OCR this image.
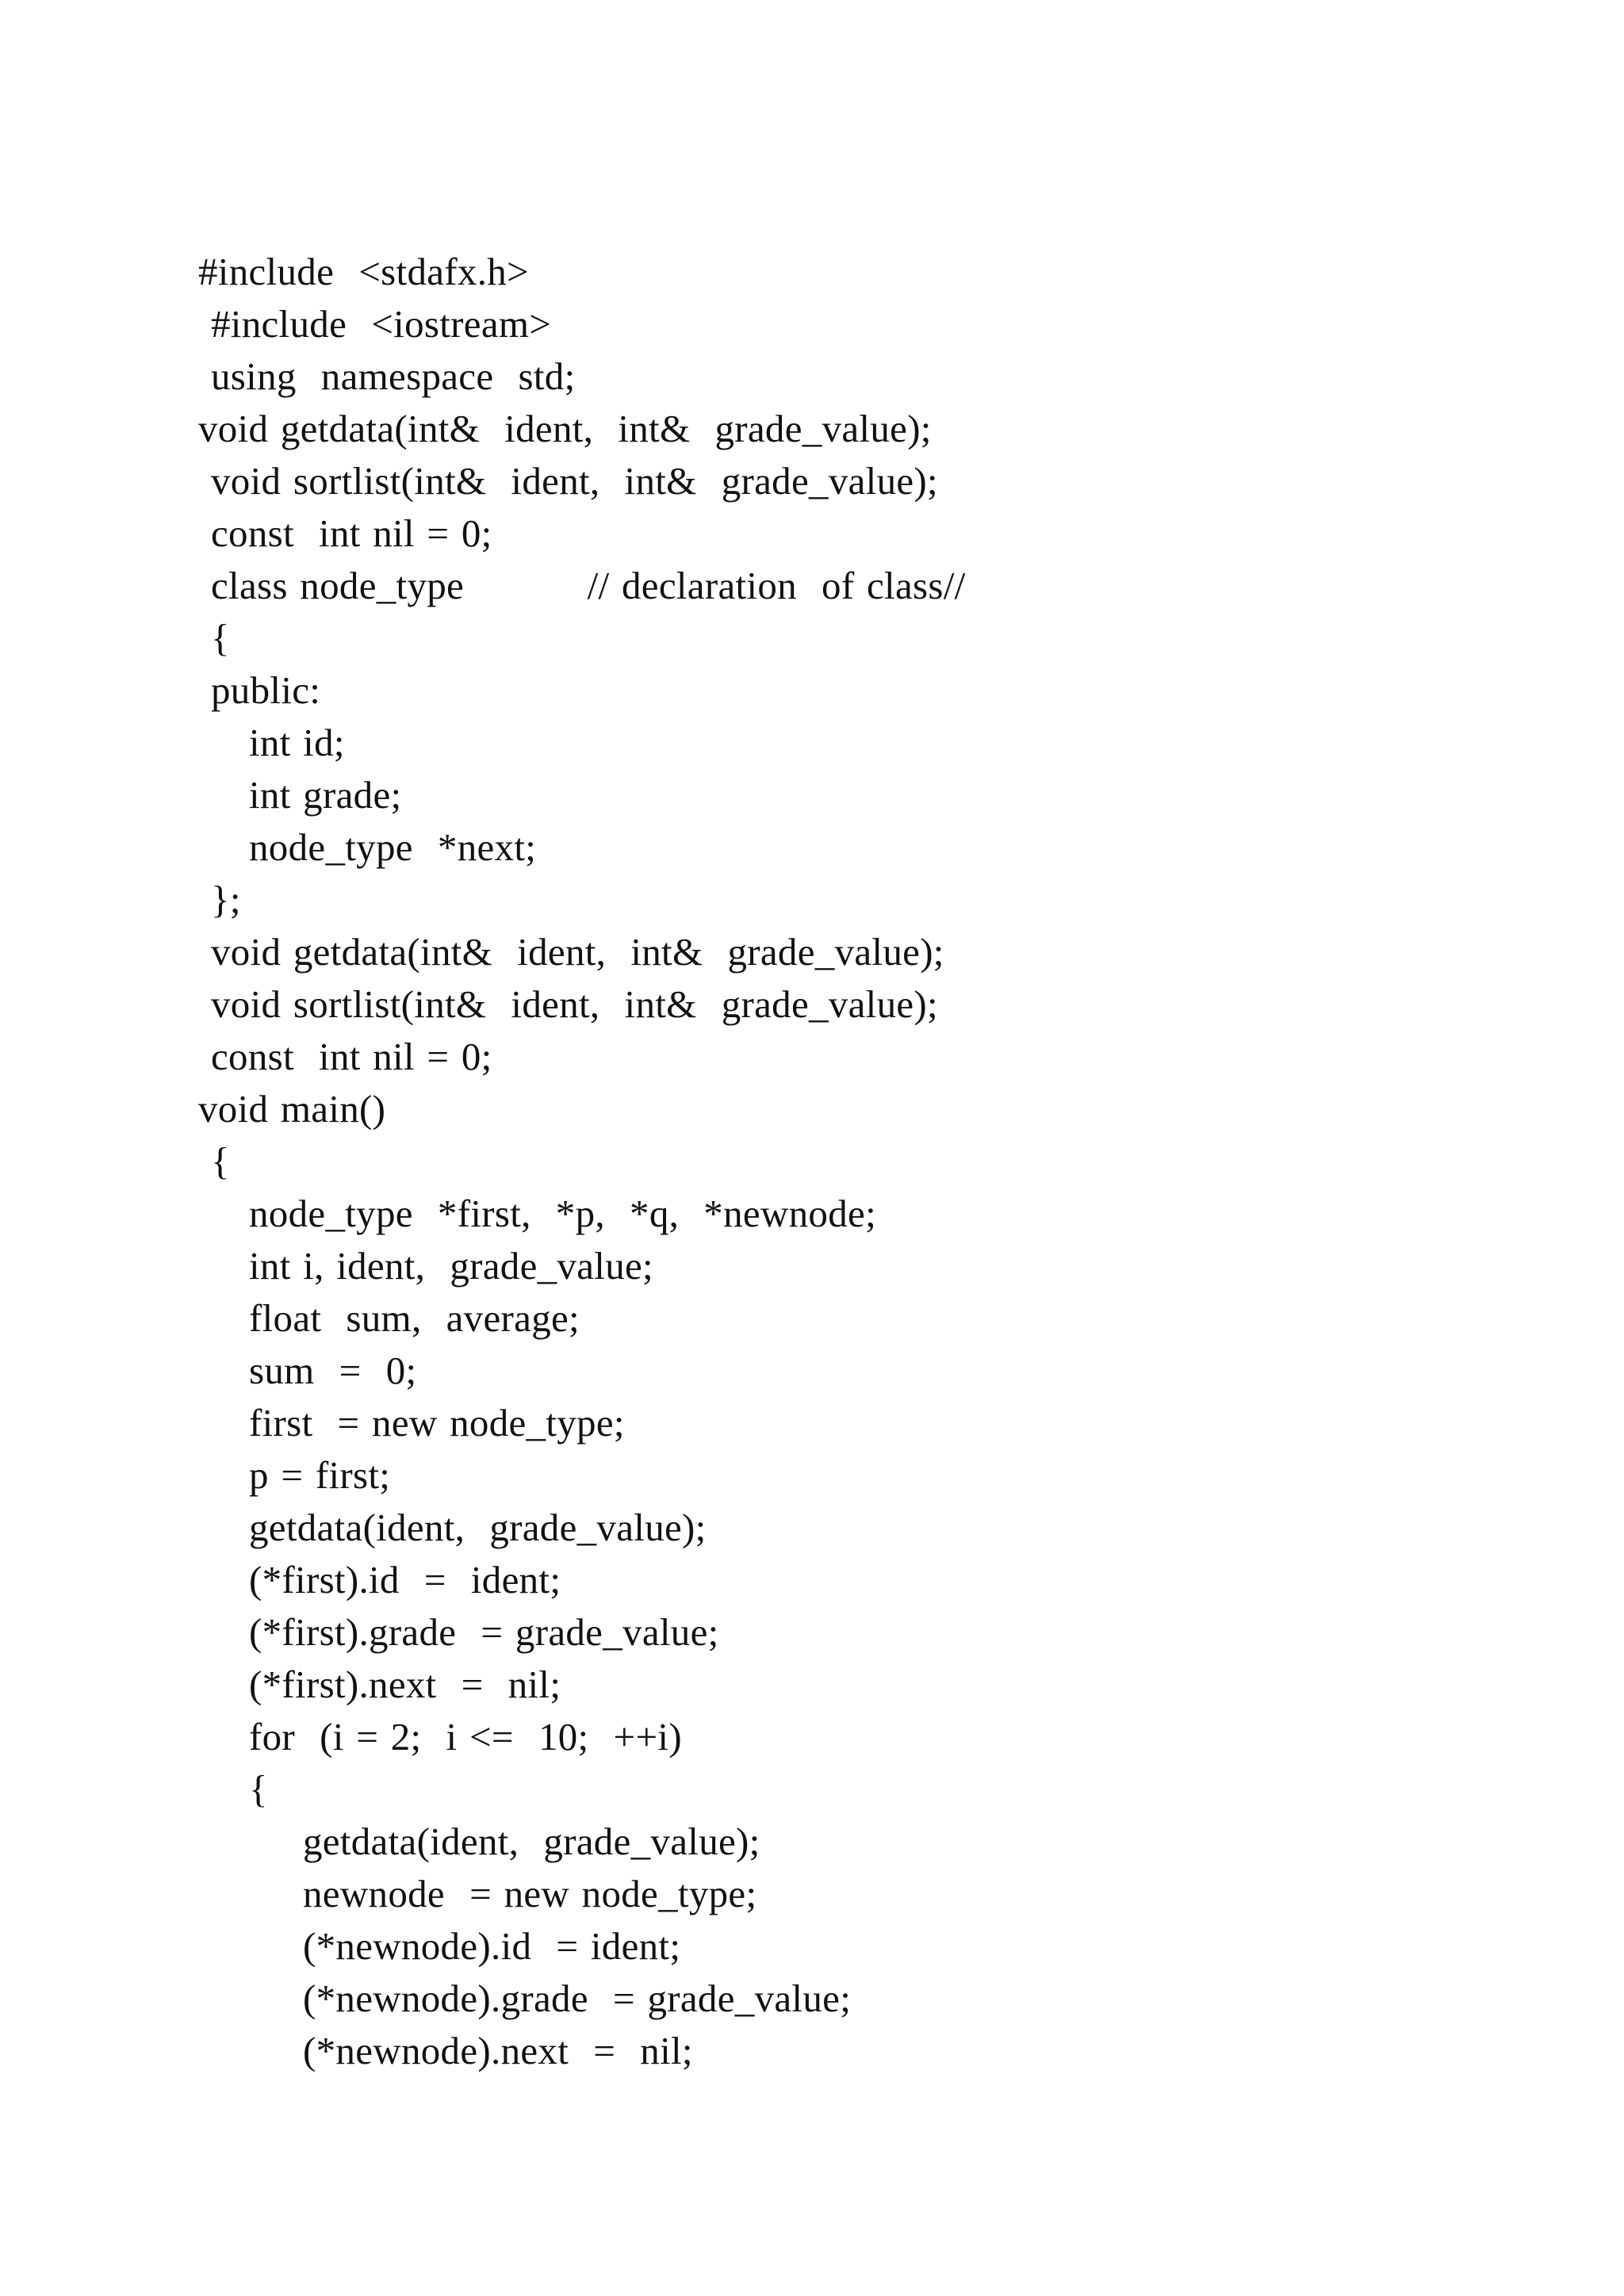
#include  <stdafx.h>
#include  <iostream>
using  namespace  std;
void getdata(int&  ident,  int&  grade_value);
void sortlist(int&  ident,  int&  grade_value);
const  int nil = 0;
class node_type          // declaration  of class//
{
public:
int id;
int grade;
node_type  *next;
};
void getdata(int&  ident,  int&  grade_value);
void sortlist(int&  ident,  int&  grade_value);
const  int nil = 0;
void main()
{
node_type  *first,  *p,  *q,  *newnode;
int i, ident,  grade_value;
float  sum,  average;
sum  =  0;
first  = new node_type;
p = first;
getdata(ident,  grade_value);
(*first).id  =  ident;
(*first).grade  = grade_value;
(*first).next  =  nil;
for  (i = 2;  i <=  10;  ++i)
{
getdata(ident,  grade_value);
newnode  = new node_type;
(*newnode).id  = ident;
(*newnode).grade  = grade_value;
(*newnode).next  =  nil;
